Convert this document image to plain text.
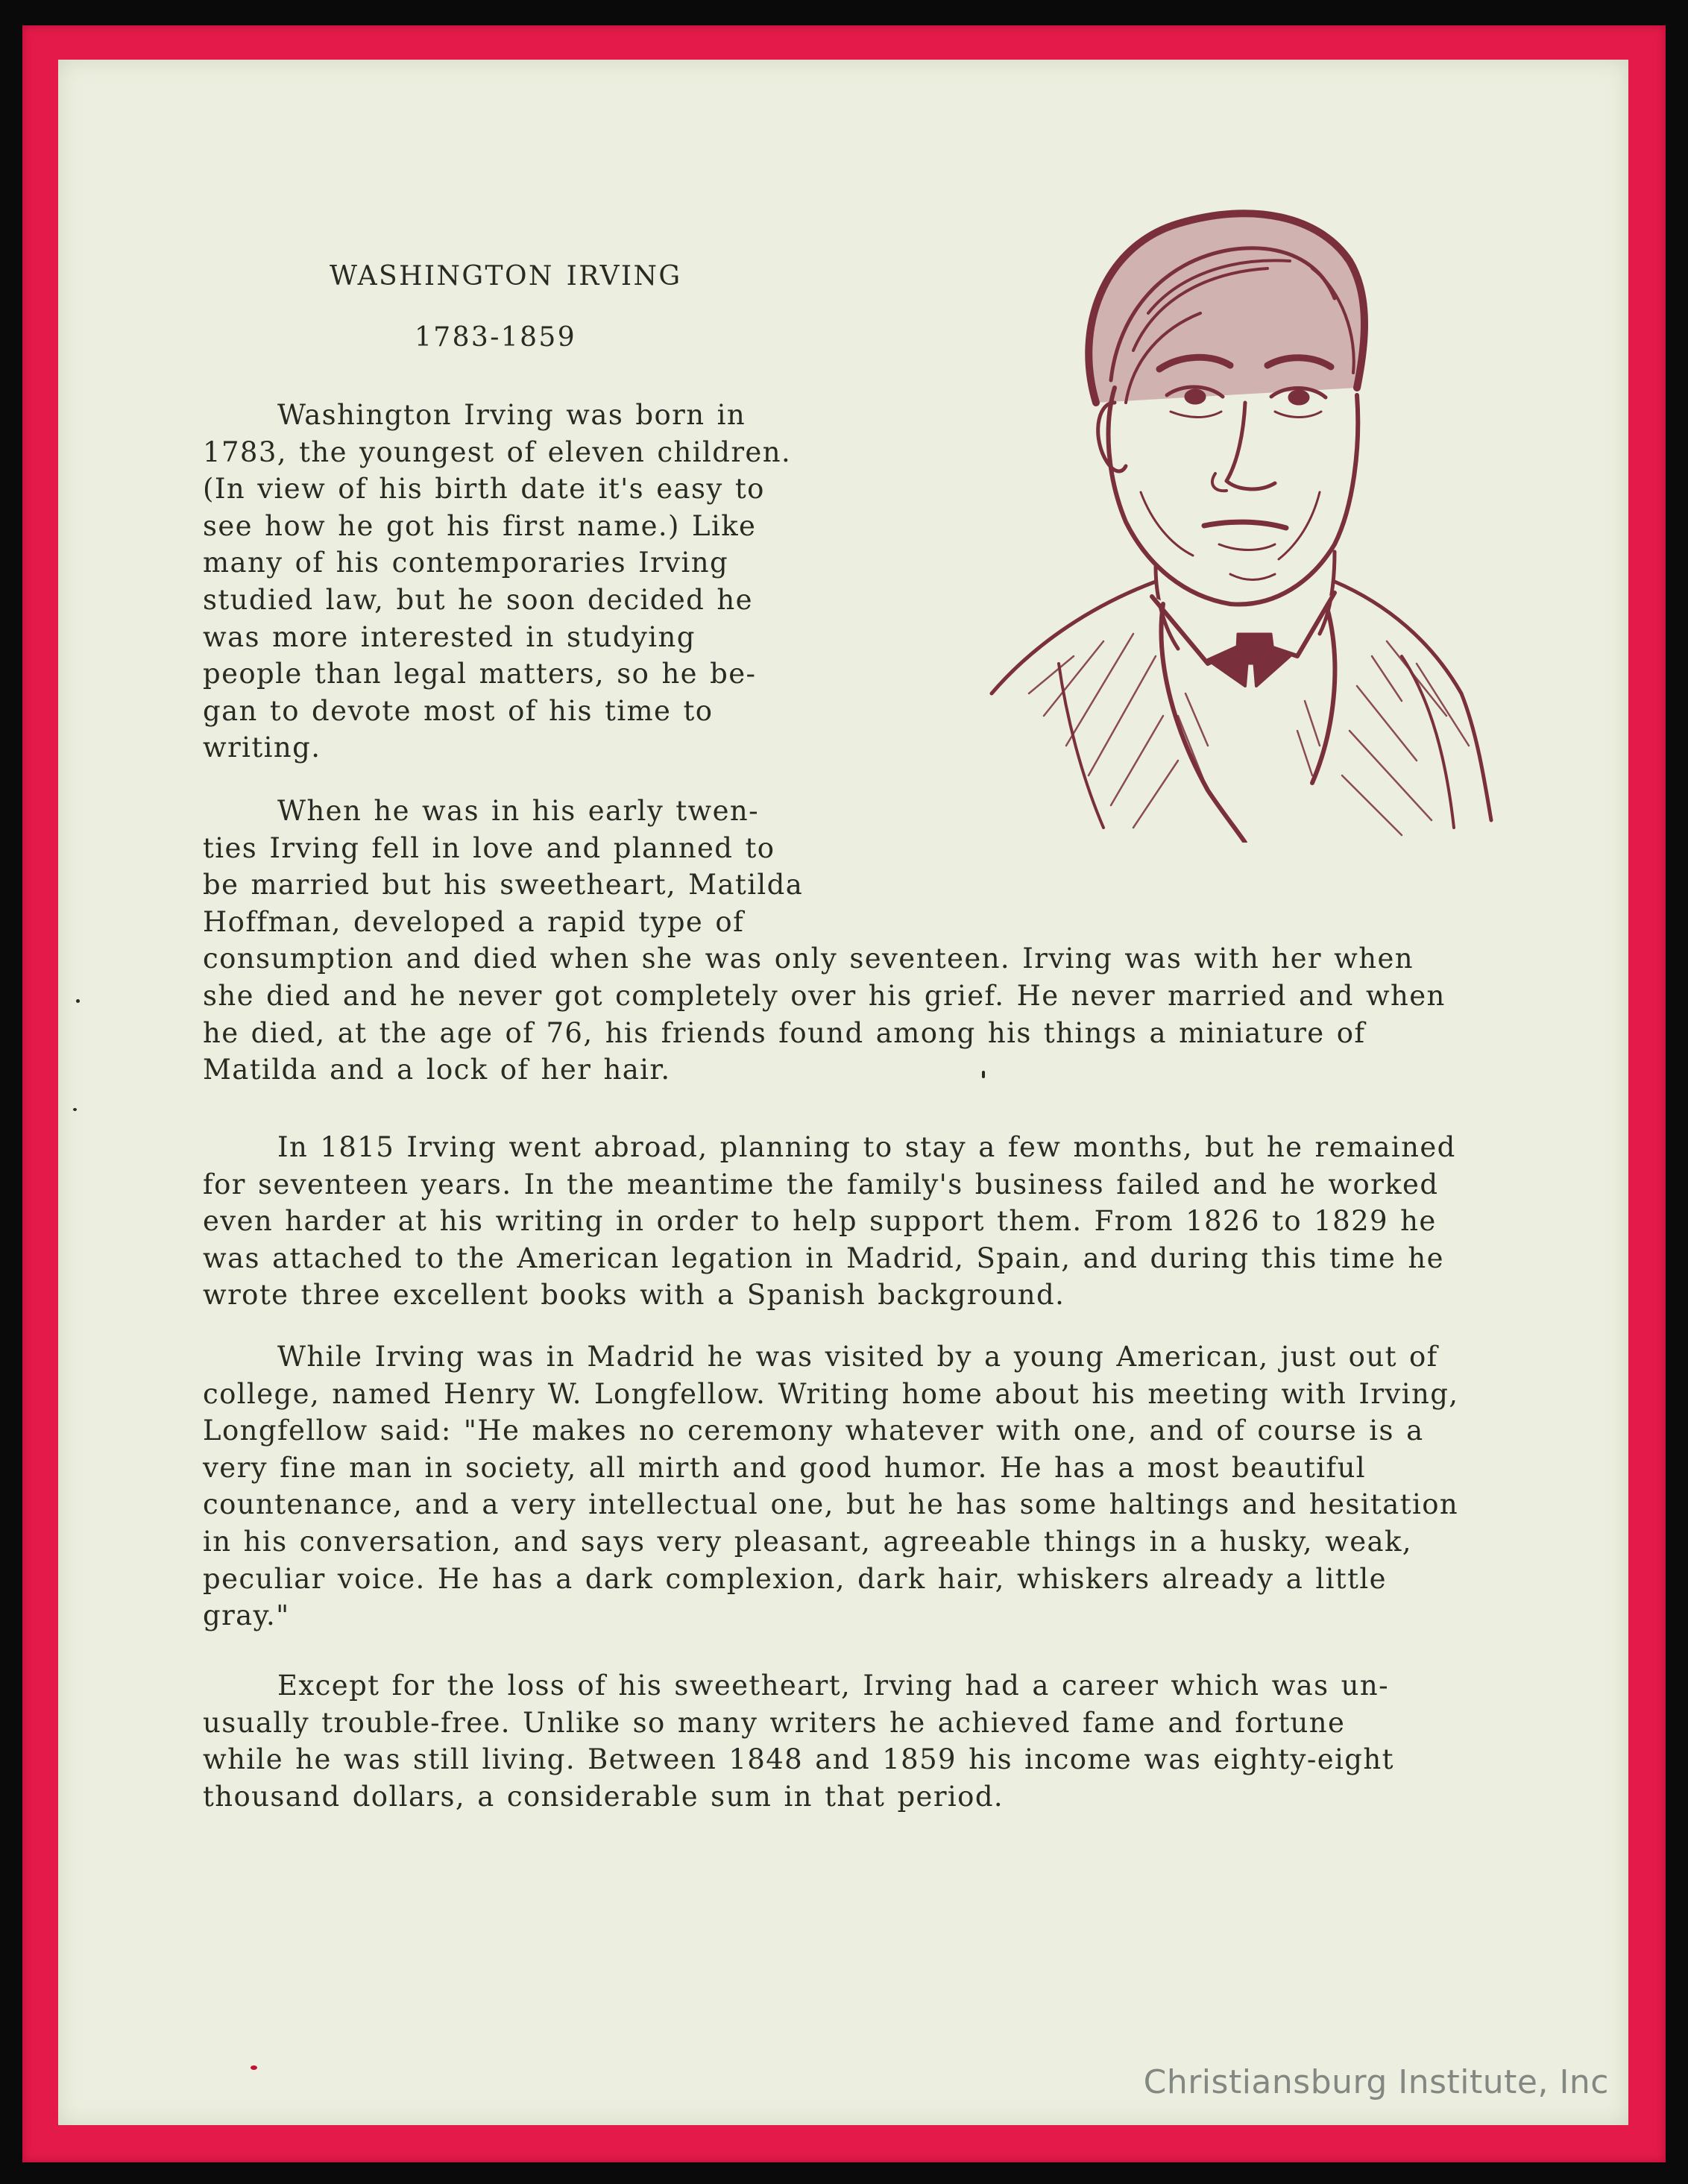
WASHINGTON IRVING
1783-1859
Washington Irving was born in
1783, the youngest of eleven children.
(In view of his birth date it's easy to
see how he got his first name.) Like
many of his contemporaries Irving
studied law, but he soon decided he
was more interested in studying
people than legal matters, so he be-
gan to devote most of his time to
writing.
When he was in his early twen-
ties Irving fell in love and planned to
be married but his sweetheart, Matilda
Hoffman, developed a rapid type of
consumption and died when she was only seventeen. Irving was with her when
she died and he never got completely over his grief. He never married and when
he died, at the age of 76, his friends found among his things a miniature of
Matilda and a lock of her hair.
In 1815 Irving went abroad, planning to stay a few months, but he remained
for seventeen years. In the meantime the family's business failed and he worked
even harder at his writing in order to help support them. From 1826 to 1829 he
was attached to the American legation in Madrid, Spain, and during this time he
wrote three excellent books with a Spanish background.
While Irving was in Madrid he was visited by a young American, just out of
college, named Henry W. Longfellow. Writing home about his meeting with Irving,
Longfellow said: "He makes no ceremony whatever with one, and of course is a
very fine man in society, all mirth and good humor. He has a most beautiful
countenance, and a very intellectual one, but he has some haltings and hesitation
in his conversation, and says very pleasant, agreeable things in a husky, weak,
peculiar voice. He has a dark complexion, dark hair, whiskers already a little
gray."
Except for the loss of his sweetheart, Irving had a career which was un-
usually trouble-free. Unlike so many writers he achieved fame and fortune
while he was still living. Between 1848 and 1859 his income was eighty-eight
thousand dollars, a considerable sum in that period.
Christiansburg Institute, Inc
